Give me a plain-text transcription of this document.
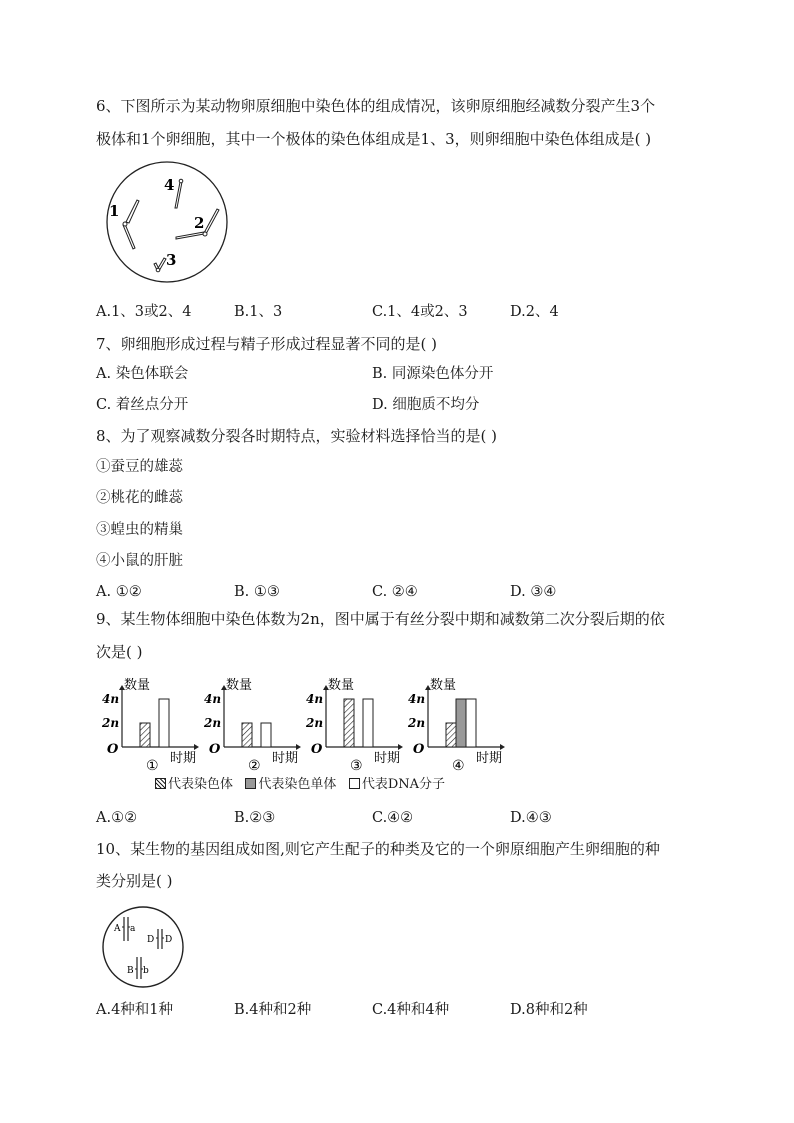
6、下图所示为某动物卵原细胞中染色体的组成情况，该卵原细胞经减数分裂产生3个
极体和1个卵细胞，其中一个极体的染色体组成是1、3，则卵细胞中染色体组成是( )
1
2
3
4
A.1、3或2、4	B.1、3	C.1、4或2、3	D.2、4
7、卵细胞形成过程与精子形成过程显著不同的是( )
A. 染色体联会	B. 同源染色体分开
C. 着丝点分开	D. 细胞质不均分
8、为了观察减数分裂各时期特点，实验材料选择恰当的是( )
①蚕豆的雄蕊
②桃花的雌蕊
③蝗虫的精巢
④小鼠的肝脏
A. ①②	B. ①③	C. ②④	D. ③④
9、某生物体细胞中染色体数为2n，图中属于有丝分裂中期和减数第二次分裂后期的依
次是( )
数量
时期
O
4n
2n
①
数量
时期
O
4n
2n
②
数量
时期
O
4n
2n
③
数量
时期
O
4n
2n
④
代表染色体 代表染色单体 代表DNA分子
A.①②	B.②③	C.④②	D.④③
10、某生物的基因组成如图,则它产生配子的种类及它的一个卵原细胞产生卵细胞的种
类分别是( )
A a
D D
B b
A.4种和1种	B.4种和2种	C.4种和4种	D.8种和2种
